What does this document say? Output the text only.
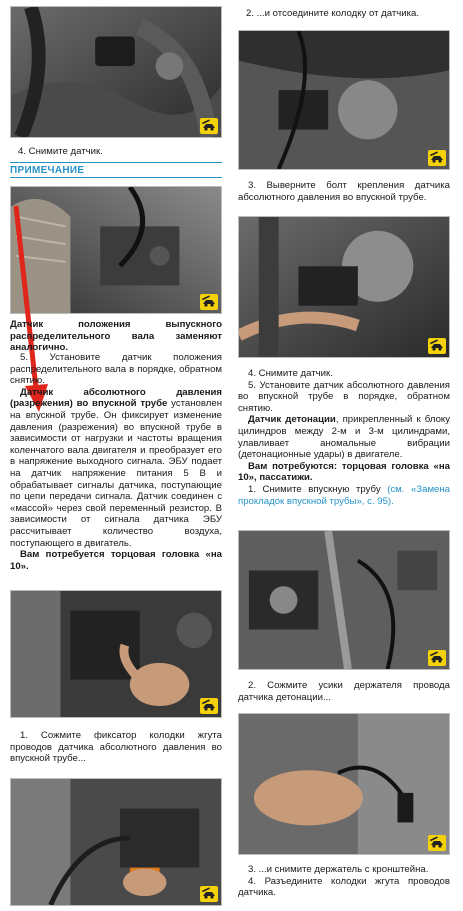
4. Снимите датчик.
ПРИМЕЧАНИЕ

Датчик положения выпускного распределительного вала заменяют аналогично.

5. Установите датчик положения распределительного вала в порядке, обратном снятию.

Датчик абсолютного давления (разрежения) во впускной трубе установлен на впускной трубе. Он фиксирует изменение давления (разрежения) во впускной трубе в зависимости от нагрузки и частоты вращения коленчатого вала двигателя и преобразует его в напряжение выходного сигнала. ЭБУ подает на датчик напряжение питания 5 В и обрабатывает сигналы датчика, поступающие по цепи передачи сигнала. Датчик соединен с «массой» через свой переменный резистор. В зависимости от сигнала датчика ЭБУ рассчитывает количество воздуха, поступающего в двигатель.

Вам потребуется торцовая головка «на 10».

1. Сожмите фиксатор колодки жгута проводов датчика абсолютного давления во впускной трубе...

2. ...и отсоедините колодку от датчика.

3. Выверните болт крепления датчика абсолютного давления во впускной трубе.

4. Снимите датчик.

5. Установите датчик абсолютного давления во впускной трубе в порядке, обратном снятию.

Датчик детонации, прикрепленный к блоку цилиндров между 2-м и 3-м цилиндрами, улавливает аномальные вибрации (детонационные удары) в двигателе.

Вам потребуются: торцовая головка «на 10», пассатижи.

1. Снимите впускную трубу (см. «Замена прокладок впускной трубы», с. 95).

2. Сожмите усики держателя провода датчика детонации...

3. ...и снимите держатель с кронштейна.

4. Разъедините колодки жгута проводов датчика.
